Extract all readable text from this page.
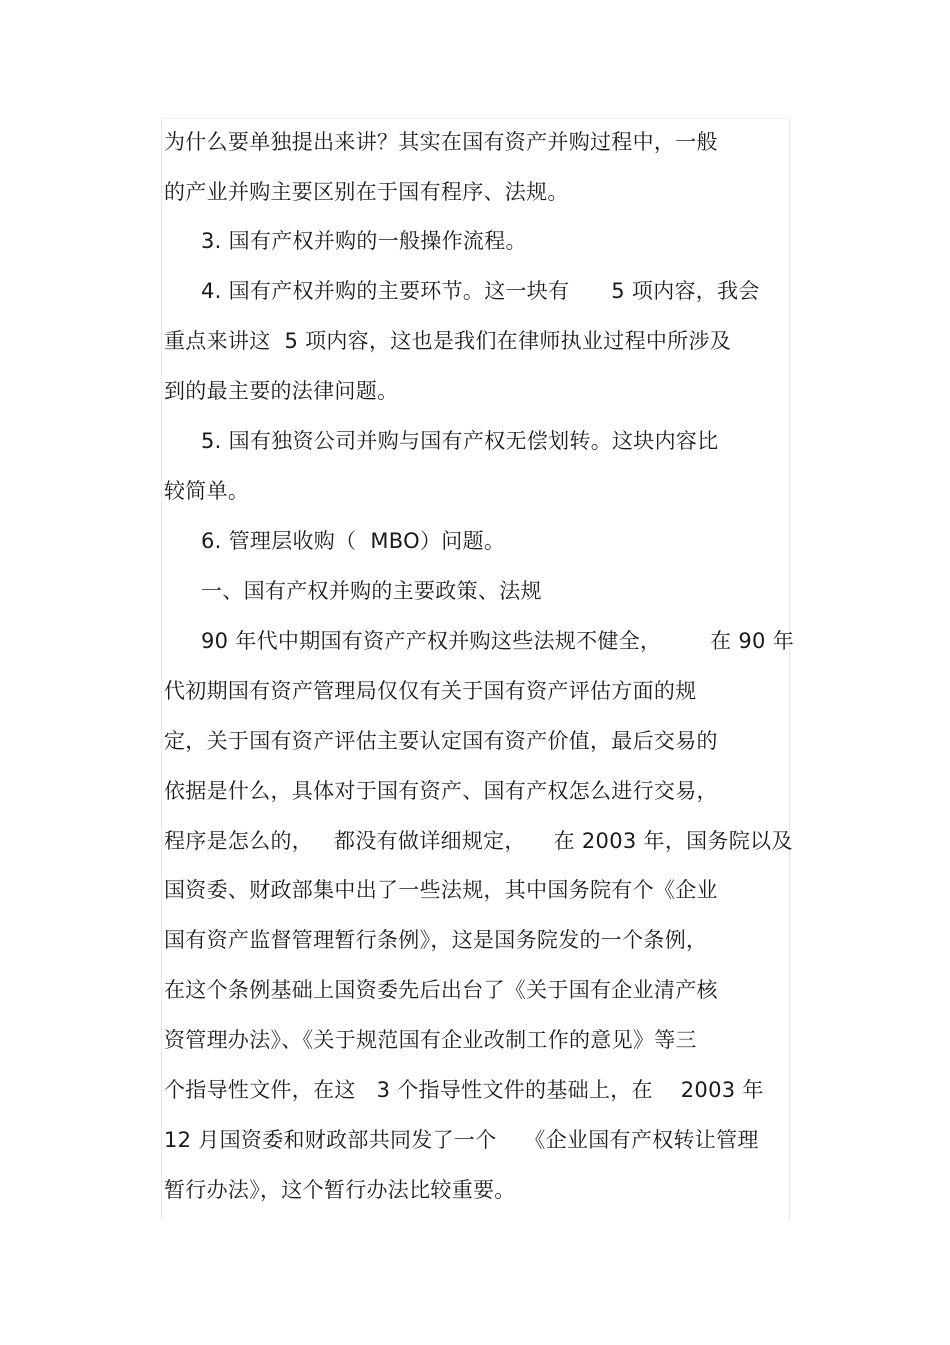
为什么要单独提出来讲？其实在国有资产并购过程中，一般
的产业并购主要区别在于国有程序、法规。
3. 国有产权并购的一般操作流程。
4. 国有产权并购的主要环节。这一块有      5 项内容，我会
重点来讲这  5 项内容，这也是我们在律师执业过程中所涉及
到的最主要的法律问题。
5. 国有独资公司并购与国有产权无偿划转。这块内容比
较简单。
6. 管理层收购（  MBO）问题。
一、国有产权并购的主要政策、法规
90 年代中期国有资产产权并购这些法规不健全，       在 90 年
代初期国有资产管理局仅仅有关于国有资产评估方面的规
定，关于国有资产评估主要认定国有资产价值，最后交易的
依据是什么，具体对于国有资产、国有产权怎么进行交易，
程序是怎么的，   都没有做详细规定，    在 2003 年，国务院以及
国资委、财政部集中出了一些法规，其中国务院有个《企业
国有资产监督管理暂行条例》，这是国务院发的一个条例，
在这个条例基础上国资委先后出台了《关于国有企业清产核
资管理办法》、《关于规范国有企业改制工作的意见》等三
个指导性文件，在这   3 个指导性文件的基础上，在    2003 年
12 月国资委和财政部共同发了一个    《企业国有产权转让管理
暂行办法》，这个暂行办法比较重要。
